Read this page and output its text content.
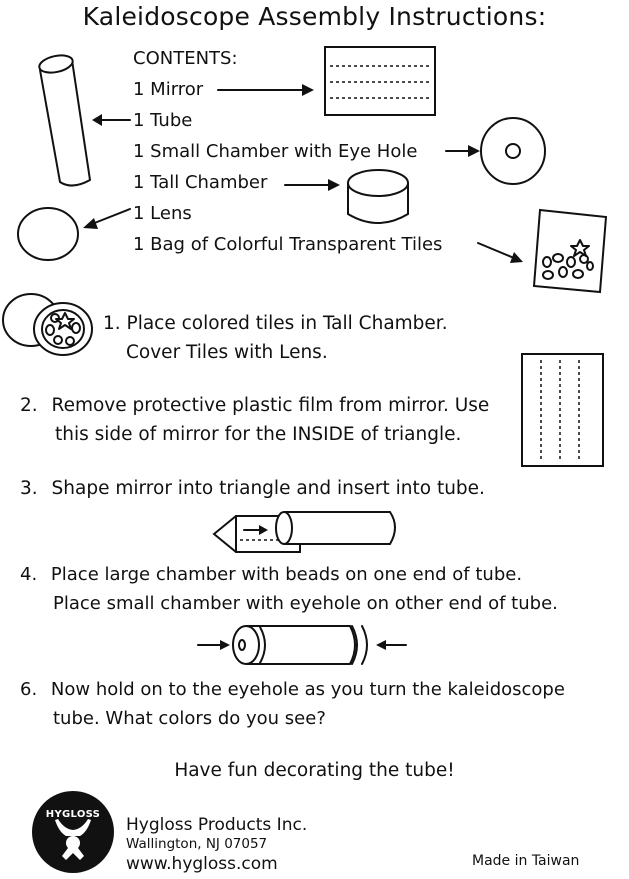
Kaleidoscope Assembly Instructions:
CONTENTS:
1 Mirror
1 Tube
1 Small Chamber with Eye Hole
1 Tall Chamber
1 Lens
1 Bag of Colorful Transparent Tiles
1. Place colored tiles in Tall Chamber.
Cover Tiles with Lens.
2. Remove protective plastic film from mirror. Use
this side of mirror for the INSIDE of triangle.
3. Shape mirror into triangle and insert into tube.
4. Place large chamber with beads on one end of tube.
Place small chamber with eyehole on other end of tube.
6. Now hold on to the eyehole as you turn the kaleidoscope
tube. What colors do you see?
Have fun decorating the tube!
HYGLOSS
Hygloss Products Inc.
Wallington, NJ 07057
www.hygloss.com	Made in Taiwan
